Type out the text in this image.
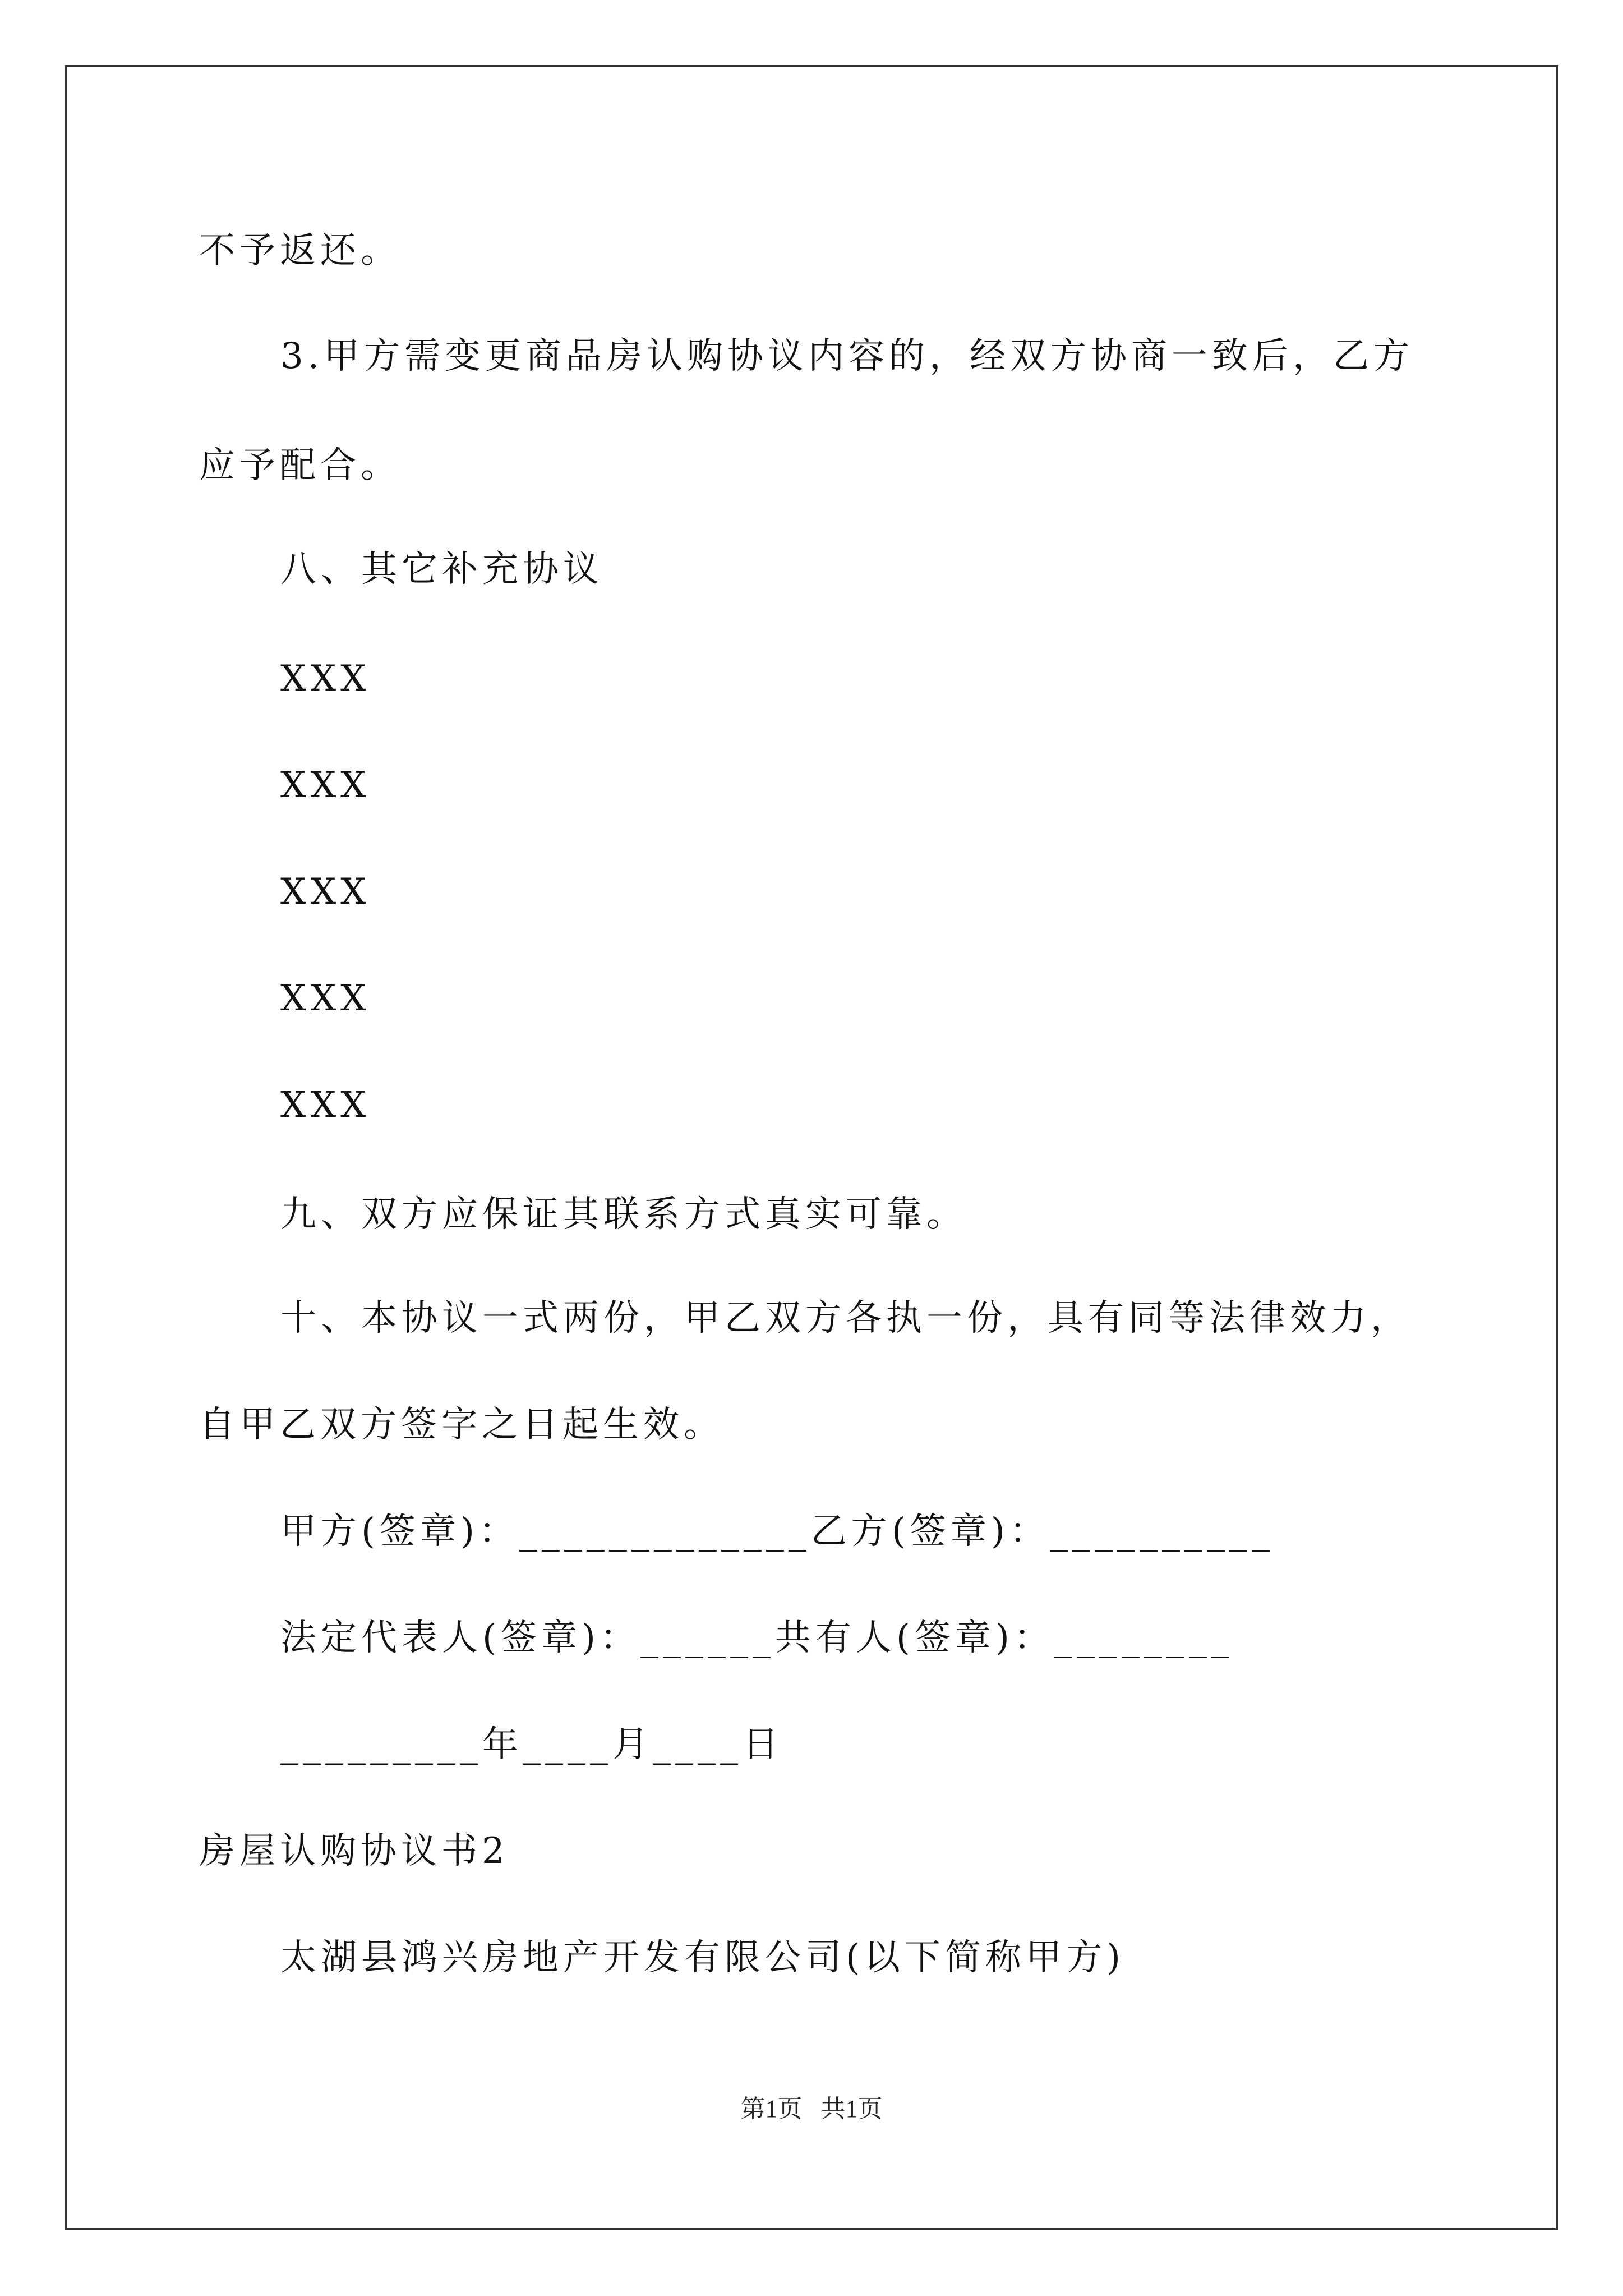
不予返还。
3.甲方需变更商品房认购协议内容的，经双方协商一致后，乙方
应予配合。
八、其它补充协议
XXX
XXX
XXX
XXX
XXX
九、双方应保证其联系方式真实可靠。
十、本协议一式两份，甲乙双方各执一份，具有同等法律效力，
自甲乙双方签字之日起生效。
甲方(签章)：_____________乙方(签章)：__________
法定代表人(签章)：______共有人(签章)：________
_________年____月____日
房屋认购协议书2
太湖县鸿兴房地产开发有限公司(以下简称甲方)
第1页   共1页
